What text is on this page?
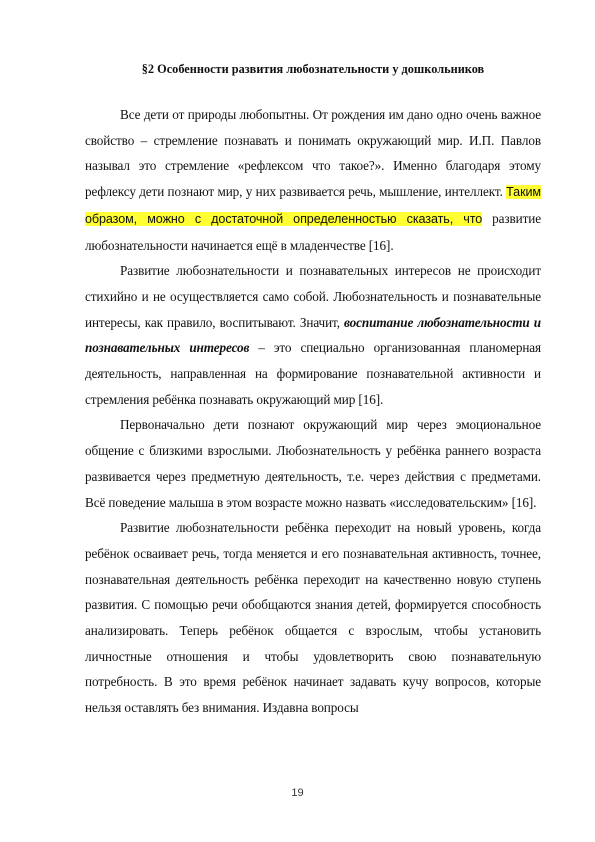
§2 Особенности развития любознательности у дошкольников

Все дети от природы любопытны. От рождения им дано одно очень важное свойство – стремление познавать и понимать окружающий мир. И.П. Павлов называл это стремление «рефлексом что такое?». Именно благодаря этому рефлексу дети познают мир, у них развивается речь, мышление, интеллект. Таким образом, можно с достаточной определенностью сказать, что развитие любознательности начинается ещё в младенчестве [16].

Развитие любознательности и познавательных интересов не происходит стихийно и не осуществляется само собой. Любознательность и познавательные интересы, как правило, воспитывают. Значит, воспитание любознательности и познавательных интересов – это специально организованная планомерная деятельность, направленная на формирование познавательной активности и стремления ребёнка познавать окружающий мир [16].

Первоначально дети познают окружающий мир через эмоциональное общение с близкими взрослыми. Любознательность у ребёнка раннего возраста развивается через предметную деятельность, т.е. через действия с предметами. Всё поведение малыша в этом возрасте можно назвать «исследовательским» [16].

Развитие любознательности ребёнка переходит на новый уровень, когда ребёнок осваивает речь, тогда меняется и его познавательная активность, точнее, познавательная деятельность ребёнка переходит на качественно новую ступень развития. С помощью речи обобщаются знания детей, формируется способность анализировать. Теперь ребёнок общается с взрослым, чтобы установить личностные отношения и чтобы удовлетворить свою познавательную потребность. В это время ребёнок начинает задавать кучу вопросов, которые нельзя оставлять без внимания. Издавна вопросы

19
